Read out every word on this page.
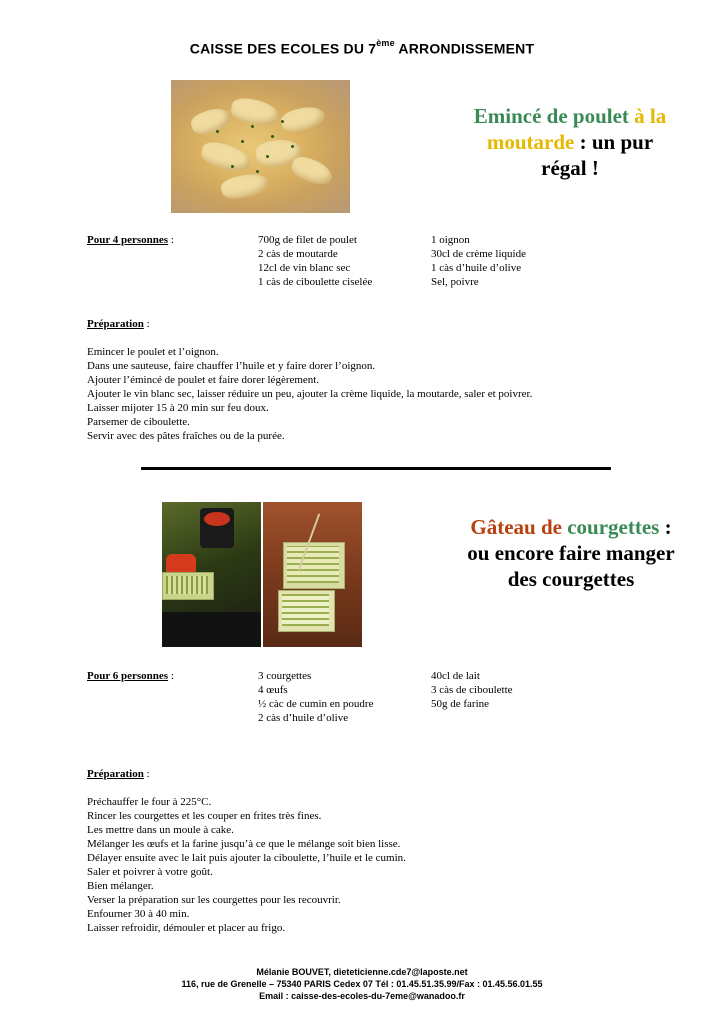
CAISSE DES ECOLES DU 7ème ARRONDISSEMENT
Emincé de poulet à la moutarde : un pur régal !
Pour 4 personnes :	700g de filet de poulet
2 càs de moutarde
12cl de vin blanc sec
1 càs de ciboulette ciselée
1 oignon
30cl de crème liquide
1 càs d’huile d’olive
Sel, poivre
Préparation :
Emincer le poulet et l’oignon.
Dans une sauteuse, faire chauffer l’huile et y faire dorer l’oignon.
Ajouter l’émincé de poulet et faire dorer légèrement.
Ajouter le vin blanc sec, laisser réduire un peu, ajouter la crème liquide, la moutarde, saler et poivrer.
Laisser mijoter 15 à 20 min sur feu doux.
Parsemer de ciboulette.
Servir avec des pâtes fraîches ou de la purée.
Gâteau de courgettes : ou encore faire manger des courgettes
Pour 6 personnes :	3 courgettes
4 œufs
½ càc de cumin en poudre
2 càs d’huile d’olive
40cl de lait
3 càs de ciboulette
50g de farine
Préparation :
Préchauffer le four à 225°C.
Rincer les courgettes et les couper en frites très fines.
Les mettre dans un moule à cake.
Mélanger les œufs et la farine jusqu’à ce que le mélange soit bien lisse.
Délayer ensuite avec le lait puis ajouter la ciboulette, l’huile et le cumin.
Saler et poivrer à votre goût.
Bien mélanger.
Verser la préparation sur les courgettes pour les recouvrir.
Enfourner 30 à 40 min.
Laisser refroidir, démouler et placer au frigo.
Mélanie BOUVET, dieteticienne.cde7@laposte.net
116, rue de Grenelle – 75340 PARIS Cedex 07 Tél : 01.45.51.35.99/Fax : 01.45.56.01.55
Email : caisse-des-ecoles-du-7eme@wanadoo.fr
